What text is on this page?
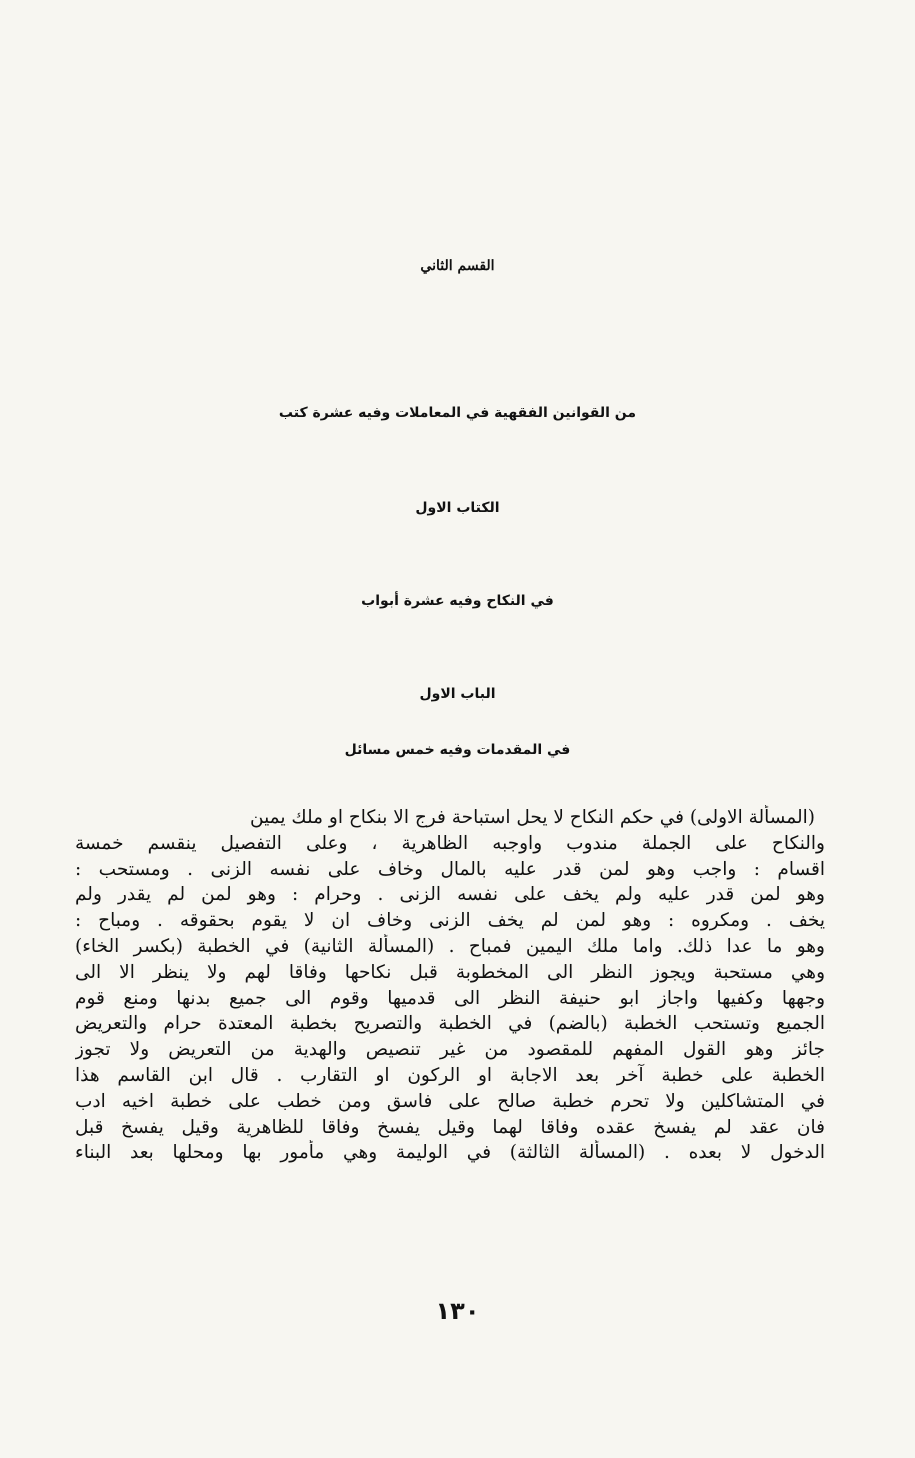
القسم الثاني
من القوانين الفقهية في المعاملات وفيه عشرة كتب
الكتاب الاول
في النكاح وفيه عشرة أبواب
الباب الاول
في المقدمات وفيه خمس مسائل
(المسألة الاولى) في حكم النكاح لا يحل استباحة فرج الا بنكاح او ملك يمين
والنكاح على الجملة مندوب واوجبه الظاهرية ، وعلى التفصيل ينقسم خمسة
اقسام : واجب وهو لمن قدر عليه بالمال وخاف على نفسه الزنى . ومستحب :
وهو لمن قدر عليه ولم يخف على نفسه الزنى . وحرام : وهو لمن لم يقدر ولم
يخف . ومكروه : وهو لمن لم يخف الزنى وخاف ان لا يقوم بحقوقه . ومباح :
وهو ما عدا ذلك. واما ملك اليمين فمباح . (المسألة الثانية) في الخطبة (بكسر الخاء)
وهي مستحبة ويجوز النظر الى المخطوبة قبل نكاحها وفاقا لهم ولا ينظر الا الى
وجهها وكفيها واجاز ابو حنيفة النظر الى قدميها وقوم الى جميع بدنها ومنع قوم
الجميع وتستحب الخطبة (بالضم) في الخطبة والتصريح بخطبة المعتدة حرام والتعريض
جائز وهو القول المفهم للمقصود من غير تنصيص والهدية من التعريض ولا تجوز
الخطبة على خطبة آخر بعد الاجابة او الركون او التقارب . قال ابن القاسم هذا
في المتشاكلين ولا تحرم خطبة صالح على فاسق ومن خطب على خطبة اخيه ادب
فان عقد لم يفسخ عقده وفاقا لهما وقيل يفسخ وفاقا للظاهرية وقيل يفسخ قبل
الدخول لا بعده . (المسألة الثالثة) في الوليمة وهي مأمور بها ومحلها بعد البناء
١٣٠
